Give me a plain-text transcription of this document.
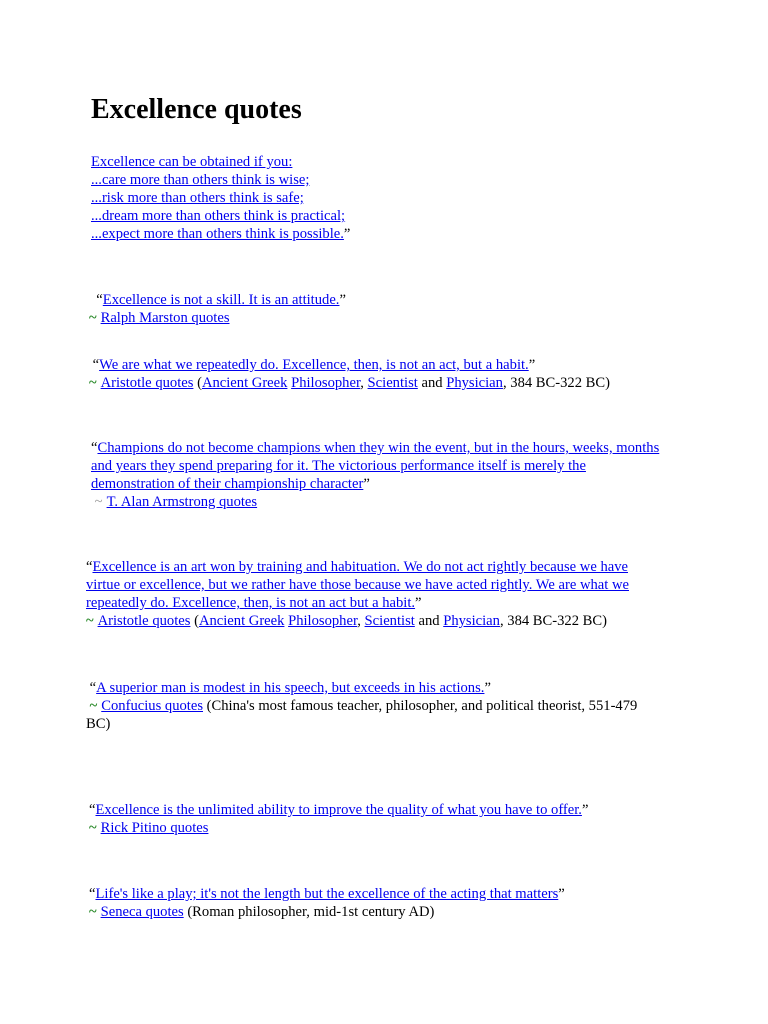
Excellence quotes
Excellence can be obtained if you:
...care more than others think is wise;
...risk more than others think is safe;
...dream more than others think is practical;
...expect more than others think is possible.”
“Excellence is not a skill. It is an attitude.”
~ Ralph Marston quotes
“We are what we repeatedly do. Excellence, then, is not an act, but a habit.”
~ Aristotle quotes (Ancient Greek Philosopher, Scientist and Physician, 384 BC-322 BC)
“Champions do not become champions when they win the event, but in the hours, weeks, months
and years they spend preparing for it. The victorious performance itself is merely the
demonstration of their championship character”
~ T. Alan Armstrong quotes
“Excellence is an art won by training and habituation. We do not act rightly because we have
virtue or excellence, but we rather have those because we have acted rightly. We are what we
repeatedly do. Excellence, then, is not an act but a habit.”
~ Aristotle quotes (Ancient Greek Philosopher, Scientist and Physician, 384 BC-322 BC)
“A superior man is modest in his speech, but exceeds in his actions.”
~ Confucius quotes (China's most famous teacher, philosopher, and political theorist, 551-479
BC)
“Excellence is the unlimited ability to improve the quality of what you have to offer.”
~ Rick Pitino quotes
“Life's like a play; it's not the length but the excellence of the acting that matters”
~ Seneca quotes (Roman philosopher, mid-1st century AD)
